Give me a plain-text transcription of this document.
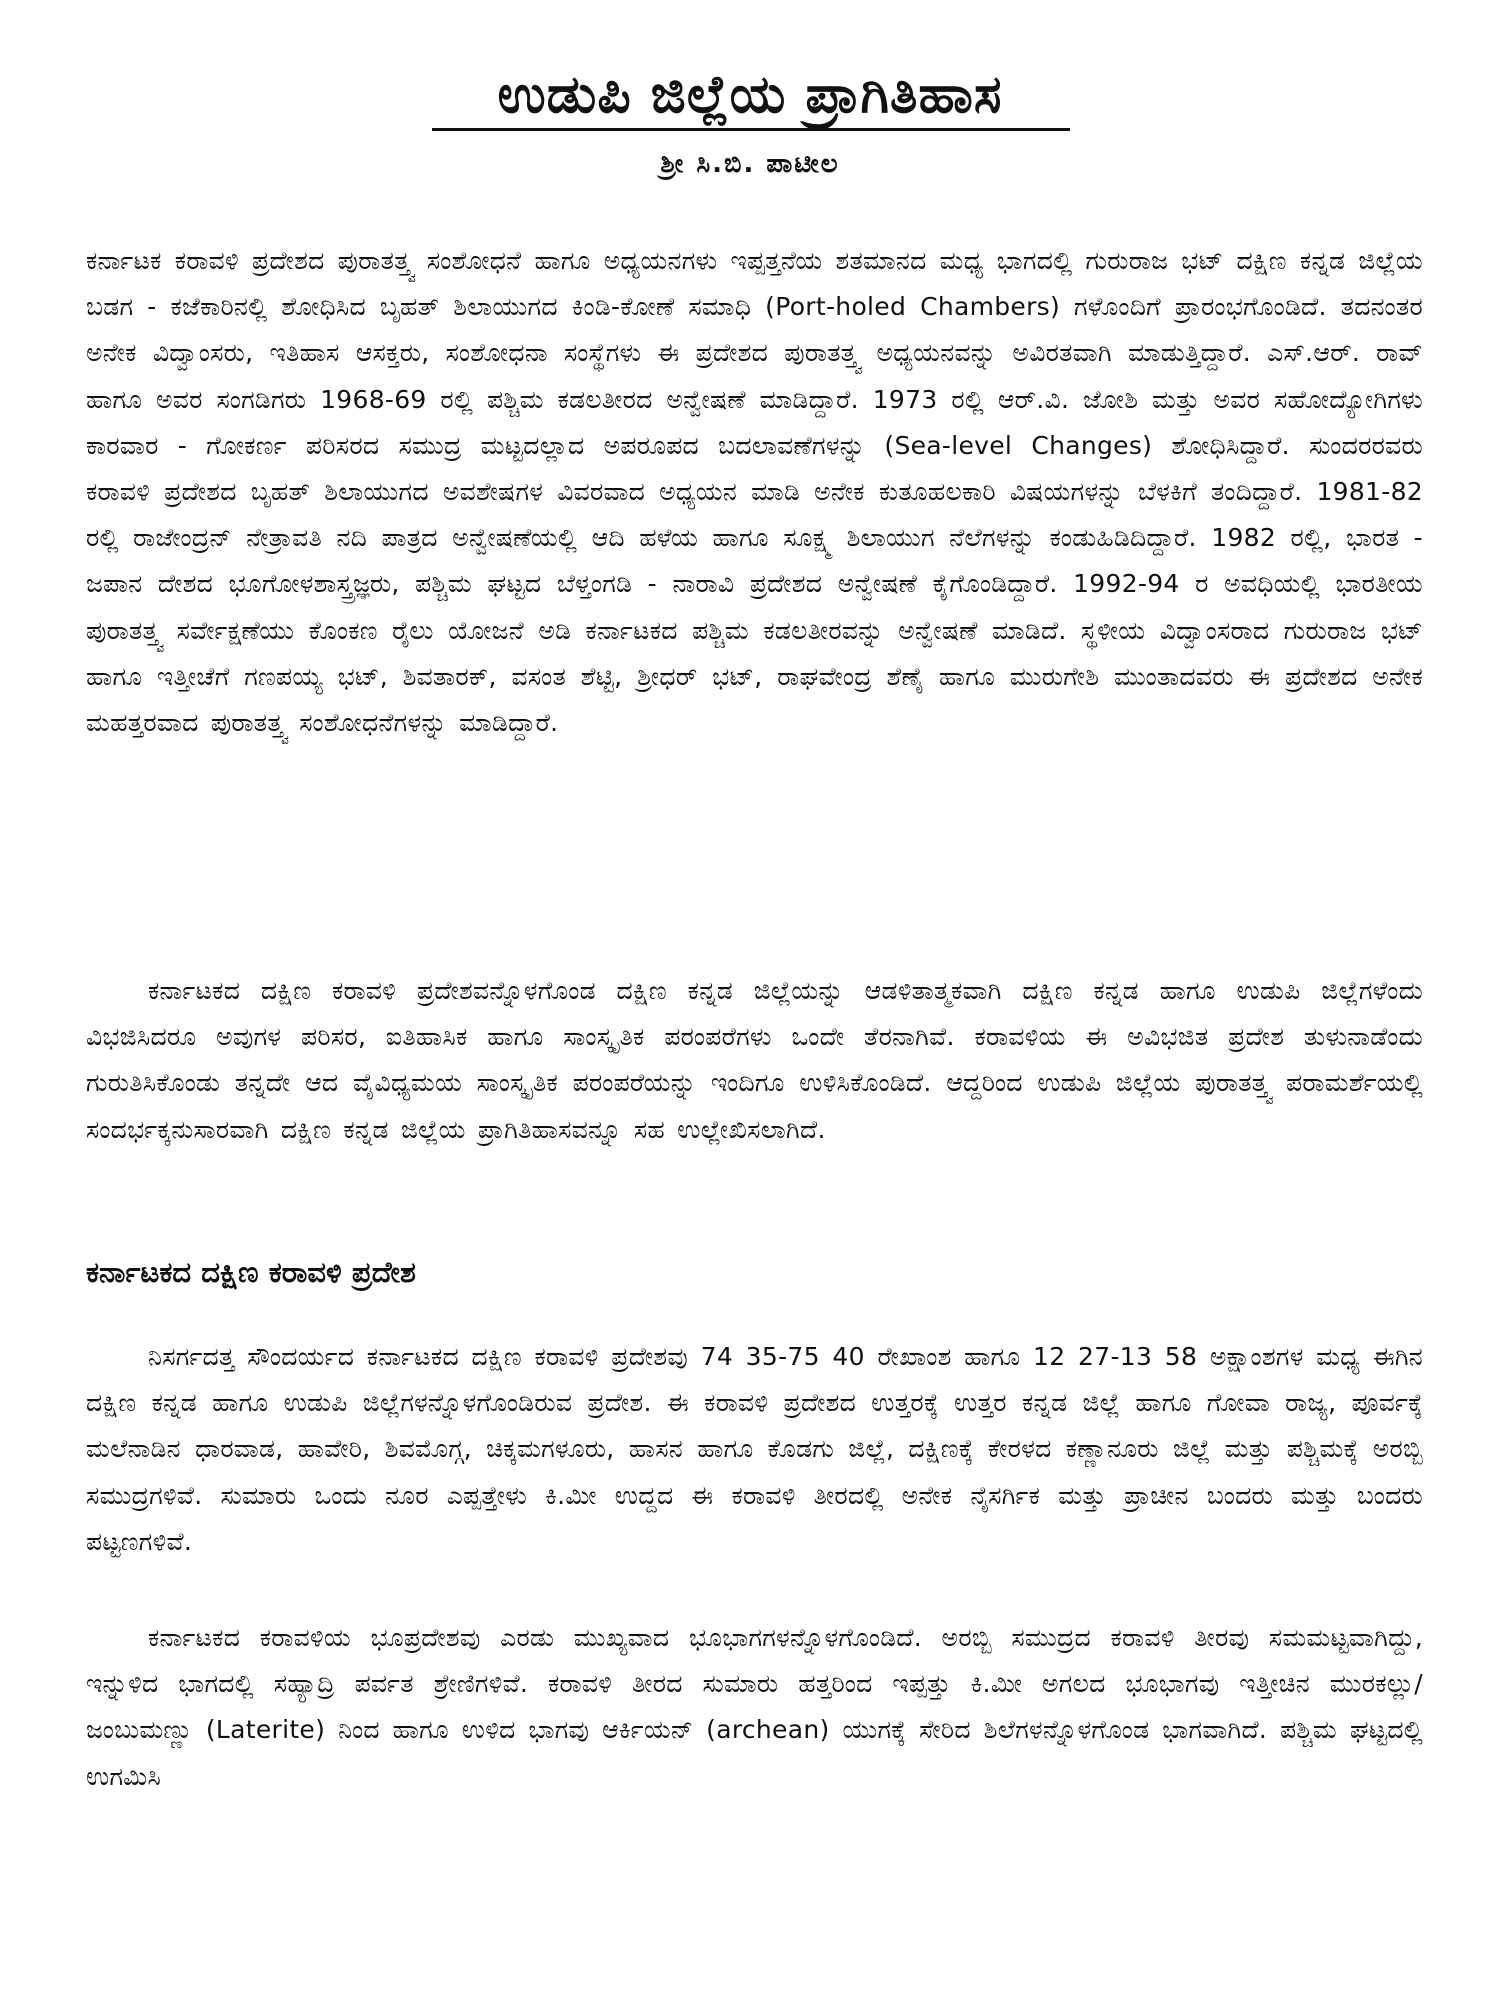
ಉಡುಪಿ ಜಿಲ್ಲೆಯ ಪ್ರಾಗಿತಿಹಾಸ
ಶ್ರೀ ಸಿ.ಬಿ. ಪಾಟೀಲ

ಕರ್ನಾಟಕ ಕರಾವಳಿ ಪ್ರದೇಶದ ಪುರಾತತ್ತ್ವ ಸಂಶೋಧನೆ ಹಾಗೂ ಅಧ್ಯಯನಗಳು ಇಪ್ಪತ್ತನೆಯ ಶತಮಾನದ ಮಧ್ಯ ಭಾಗದಲ್ಲಿ ಗುರುರಾಜ ಭಟ್ ದಕ್ಷಿಣ ಕನ್ನಡ ಜಿಲ್ಲೆಯ ಬಡಗ - ಕಜೆಕಾರಿನಲ್ಲಿ ಶೋಧಿಸಿದ ಬೃಹತ್ ಶಿಲಾಯುಗದ ಕಿಂಡಿ-ಕೋಣೆ ಸಮಾಧಿ (Port-holed Chambers) ಗಳೊಂದಿಗೆ ಪ್ರಾರಂಭಗೊಂಡಿದೆ. ತದನಂತರ ಅನೇಕ ವಿದ್ವಾಂಸರು, ಇತಿಹಾಸ ಆಸಕ್ತರು, ಸಂಶೋಧನಾ ಸಂಸ್ಥೆಗಳು ಈ ಪ್ರದೇಶದ ಪುರಾತತ್ತ್ವ ಅಧ್ಯಯನವನ್ನು ಅವಿರತವಾಗಿ ಮಾಡುತ್ತಿದ್ದಾರೆ. ಎಸ್.ಆರ್. ರಾವ್ ಹಾಗೂ ಅವರ ಸಂಗಡಿಗರು 1968-69 ರಲ್ಲಿ ಪಶ್ಚಿಮ ಕಡಲತೀರದ ಅನ್ವೇಷಣೆ ಮಾಡಿದ್ದಾರೆ. 1973 ರಲ್ಲಿ ಆರ್.ವಿ. ಜೋಶಿ ಮತ್ತು ಅವರ ಸಹೋದ್ಯೋಗಿಗಳು ಕಾರವಾರ - ಗೋಕರ್ಣ ಪರಿಸರದ ಸಮುದ್ರ ಮಟ್ಟದಲ್ಲಾದ ಅಪರೂಪದ ಬದಲಾವಣೆಗಳನ್ನು (Sea-level Changes) ಶೋಧಿಸಿದ್ದಾರೆ. ಸುಂದರರವರು ಕರಾವಳಿ ಪ್ರದೇಶದ ಬೃಹತ್ ಶಿಲಾಯುಗದ ಅವಶೇಷಗಳ ವಿವರವಾದ ಅಧ್ಯಯನ ಮಾಡಿ ಅನೇಕ ಕುತೂಹಲಕಾರಿ ವಿಷಯಗಳನ್ನು ಬೆಳಕಿಗೆ ತಂದಿದ್ದಾರೆ. 1981-82 ರಲ್ಲಿ ರಾಜೇಂದ್ರನ್ ನೇತ್ರಾವತಿ ನದಿ ಪಾತ್ರದ ಅನ್ವೇಷಣೆಯಲ್ಲಿ ಆದಿ ಹಳೆಯ ಹಾಗೂ ಸೂಕ್ಷ್ಮ ಶಿಲಾಯುಗ ನೆಲೆಗಳನ್ನು ಕಂಡುಹಿಡಿದಿದ್ದಾರೆ. 1982 ರಲ್ಲಿ, ಭಾರತ - ಜಪಾನ ದೇಶದ ಭೂಗೋಳಶಾಸ್ತ್ರಜ್ಞರು, ಪಶ್ಚಿಮ ಘಟ್ಟದ ಬೆಳ್ತಂಗಡಿ - ನಾರಾವಿ ಪ್ರದೇಶದ ಅನ್ವೇಷಣೆ ಕೈಗೊಂಡಿದ್ದಾರೆ. 1992-94 ರ ಅವಧಿಯಲ್ಲಿ ಭಾರತೀಯ ಪುರಾತತ್ತ್ವ ಸರ್ವೇಕ್ಷಣೆಯು ಕೊಂಕಣ ರೈಲು ಯೋಜನೆ ಅಡಿ ಕರ್ನಾಟಕದ ಪಶ್ಚಿಮ ಕಡಲತೀರವನ್ನು ಅನ್ವೇಷಣೆ ಮಾಡಿದೆ. ಸ್ಥಳೀಯ ವಿದ್ವಾಂಸರಾದ ಗುರುರಾಜ ಭಟ್ ಹಾಗೂ ಇತ್ತೀಚೆಗೆ ಗಣಪಯ್ಯ ಭಟ್, ಶಿವತಾರಕ್, ವಸಂತ ಶೆಟ್ಟಿ, ಶ್ರೀಧರ್ ಭಟ್, ರಾಘವೇಂದ್ರ ಶೆಣೈ ಹಾಗೂ ಮುರುಗೇಶಿ ಮುಂತಾದವರು ಈ ಪ್ರದೇಶದ ಅನೇಕ ಮಹತ್ತರವಾದ ಪುರಾತತ್ತ್ವ ಸಂಶೋಧನೆಗಳನ್ನು ಮಾಡಿದ್ದಾರೆ.

ಕರ್ನಾಟಕದ ದಕ್ಷಿಣ ಕರಾವಳಿ ಪ್ರದೇಶವನ್ನೊಳಗೊಂಡ ದಕ್ಷಿಣ ಕನ್ನಡ ಜಿಲ್ಲೆಯನ್ನು ಆಡಳಿತಾತ್ಮಕವಾಗಿ ದಕ್ಷಿಣ ಕನ್ನಡ ಹಾಗೂ ಉಡುಪಿ ಜಿಲ್ಲೆಗಳೆಂದು ವಿಭಜಿಸಿದರೂ ಅವುಗಳ ಪರಿಸರ, ಐತಿಹಾಸಿಕ ಹಾಗೂ ಸಾಂಸ್ಕೃತಿಕ ಪರಂಪರೆಗಳು ಒಂದೇ ತೆರನಾಗಿವೆ. ಕರಾವಳಿಯ ಈ ಅವಿಭಜಿತ ಪ್ರದೇಶ ತುಳುನಾಡೆಂದು ಗುರುತಿಸಿಕೊಂಡು ತನ್ನದೇ ಆದ ವೈವಿಧ್ಯಮಯ ಸಾಂಸ್ಕೃತಿಕ ಪರಂಪರೆಯನ್ನು ಇಂದಿಗೂ ಉಳಿಸಿಕೊಂಡಿದೆ. ಆದ್ದರಿಂದ ಉಡುಪಿ ಜಿಲ್ಲೆಯ ಪುರಾತತ್ತ್ವ ಪರಾಮರ್ಶೆಯಲ್ಲಿ ಸಂದರ್ಭಕ್ಕನುಸಾರವಾಗಿ ದಕ್ಷಿಣ ಕನ್ನಡ ಜಿಲ್ಲೆಯ ಪ್ರಾಗಿತಿಹಾಸವನ್ನೂ ಸಹ ಉಲ್ಲೇಖಿಸಲಾಗಿದೆ.

ಕರ್ನಾಟಕದ ದಕ್ಷಿಣ ಕರಾವಳಿ ಪ್ರದೇಶ

ನಿಸರ್ಗದತ್ತ ಸೌಂದರ್ಯದ ಕರ್ನಾಟಕದ ದಕ್ಷಿಣ ಕರಾವಳಿ ಪ್ರದೇಶವು 74 35-75 40 ರೇಖಾಂಶ ಹಾಗೂ 12 27-13 58 ಅಕ್ಷಾಂಶಗಳ ಮಧ್ಯ ಈಗಿನ ದಕ್ಷಿಣ ಕನ್ನಡ ಹಾಗೂ ಉಡುಪಿ ಜಿಲ್ಲೆಗಳನ್ನೊಳಗೊಂಡಿರುವ ಪ್ರದೇಶ. ಈ ಕರಾವಳಿ ಪ್ರದೇಶದ ಉತ್ತರಕ್ಕೆ ಉತ್ತರ ಕನ್ನಡ ಜಿಲ್ಲೆ ಹಾಗೂ ಗೋವಾ ರಾಜ್ಯ, ಪೂರ್ವಕ್ಕೆ ಮಲೆನಾಡಿನ ಧಾರವಾಡ, ಹಾವೇರಿ, ಶಿವಮೊಗ್ಗ, ಚಿಕ್ಕಮಗಳೂರು, ಹಾಸನ ಹಾಗೂ ಕೊಡಗು ಜಿಲ್ಲೆ, ದಕ್ಷಿಣಕ್ಕೆ ಕೇರಳದ ಕಣ್ಣಾನೂರು ಜಿಲ್ಲೆ ಮತ್ತು ಪಶ್ಚಿಮಕ್ಕೆ ಅರಬ್ಬಿ ಸಮುದ್ರಗಳಿವೆ. ಸುಮಾರು ಒಂದು ನೂರ ಎಪ್ಪತ್ತೇಳು ಕಿ.ಮೀ ಉದ್ದದ ಈ ಕರಾವಳಿ ತೀರದಲ್ಲಿ ಅನೇಕ ನೈಸರ್ಗಿಕ ಮತ್ತು ಪ್ರಾಚೀನ ಬಂದರು ಮತ್ತು ಬಂದರು ಪಟ್ಟಣಗಳಿವೆ.

ಕರ್ನಾಟಕದ ಕರಾವಳಿಯ ಭೂಪ್ರದೇಶವು ಎರಡು ಮುಖ್ಯವಾದ ಭೂಭಾಗಗಳನ್ನೊಳಗೊಂಡಿದೆ. ಅರಬ್ಬಿ ಸಮುದ್ರದ ಕರಾವಳಿ ತೀರವು ಸಮಮಟ್ಟವಾಗಿದ್ದು, ಇನ್ನುಳಿದ ಭಾಗದಲ್ಲಿ ಸಹ್ಯಾದ್ರಿ ಪರ್ವತ ಶ್ರೇಣಿಗಳಿವೆ. ಕರಾವಳಿ ತೀರದ ಸುಮಾರು ಹತ್ತರಿಂದ ಇಪ್ಪತ್ತು ಕಿ.ಮೀ ಅಗಲದ ಭೂಭಾಗವು ಇತ್ತೀಚಿನ ಮುರಕಲ್ಲು/ ಜಂಬುಮಣ್ಣು (Laterite) ನಿಂದ ಹಾಗೂ ಉಳಿದ ಭಾಗವು ಆರ್ಕಿಯನ್ (archean) ಯುಗಕ್ಕೆ ಸೇರಿದ ಶಿಲೆಗಳನ್ನೊಳಗೊಂಡ ಭಾಗವಾಗಿದೆ. ಪಶ್ಚಿಮ ಘಟ್ಟದಲ್ಲಿ ಉಗಮಿಸಿ
